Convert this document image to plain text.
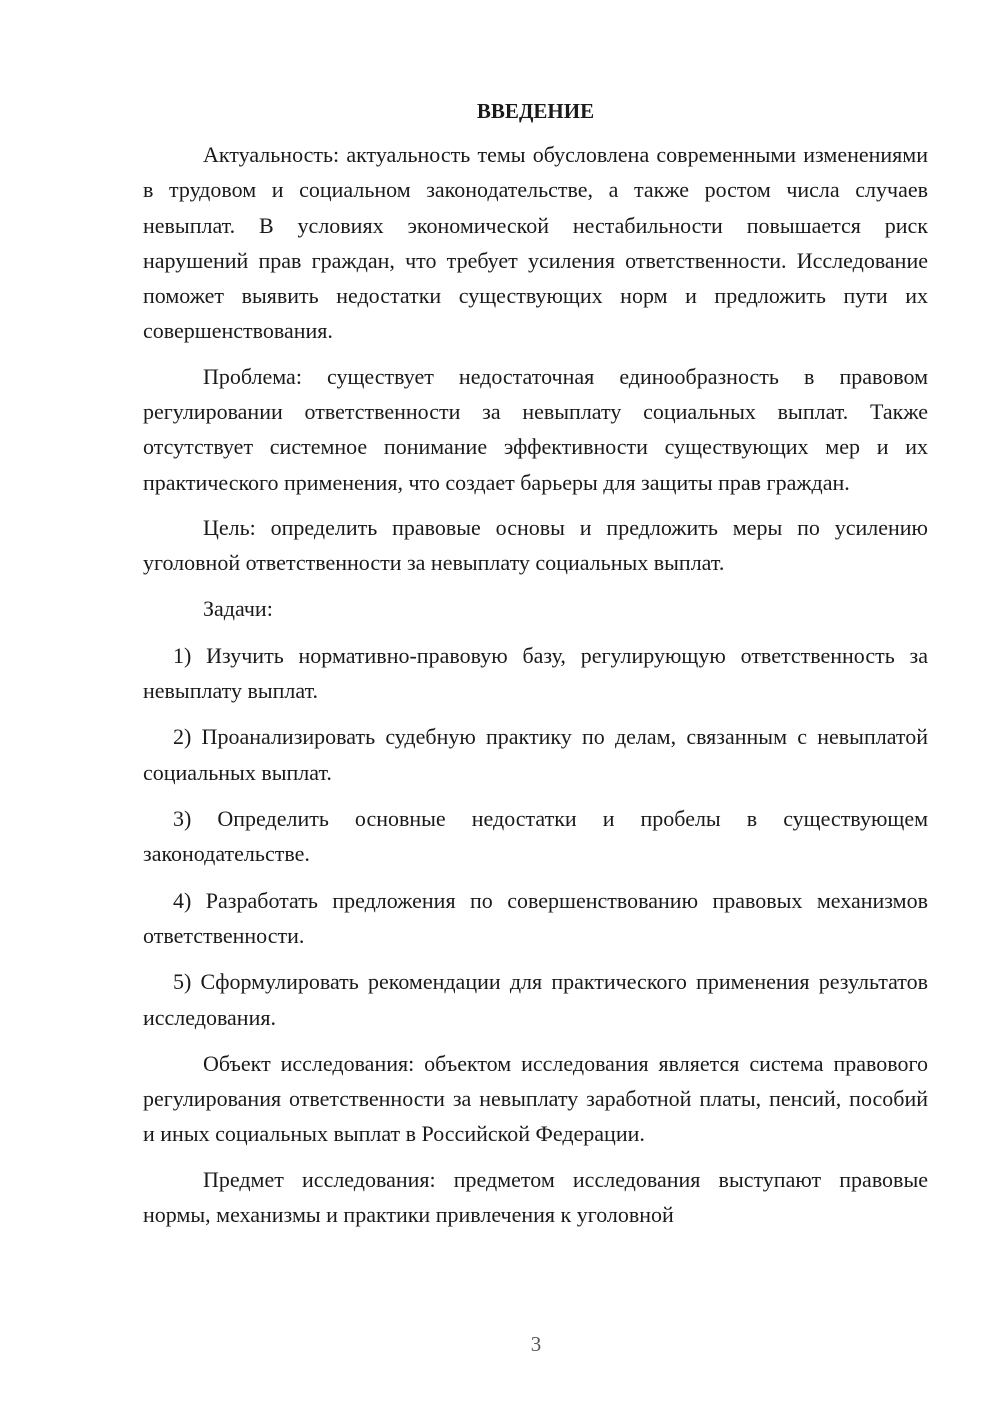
ВВЕДЕНИЕ

Актуальность: актуальность темы обусловлена современными изменениями в трудовом и социальном законодательстве, а также ростом числа случаев невыплат. В условиях экономической нестабильности повышается риск нарушений прав граждан, что требует усиления ответственности. Исследование поможет выявить недостатки существующих норм и предложить пути их совершенствования.

Проблема: существует недостаточная единообразность в правовом регулировании ответственности за невыплату социальных выплат. Также отсутствует системное понимание эффективности существующих мер и их практического применения, что создает барьеры для защиты прав граждан.

Цель: определить правовые основы и предложить меры по усилению уголовной ответственности за невыплату социальных выплат.

Задачи:

1) Изучить нормативно-правовую базу, регулирующую ответственность за невыплату выплат.

2) Проанализировать судебную практику по делам, связанным с невыплатой социальных выплат.

3) Определить основные недостатки и пробелы в существующем законодательстве.

4) Разработать предложения по совершенствованию правовых механизмов ответственности.

5) Сформулировать рекомендации для практического применения результатов исследования.

Объект исследования: объектом исследования является система правового регулирования ответственности за невыплату заработной платы, пенсий, пособий и иных социальных выплат в Российской Федерации.

Предмет исследования: предметом исследования выступают правовые нормы, механизмы и практики привлечения к уголовной

3
